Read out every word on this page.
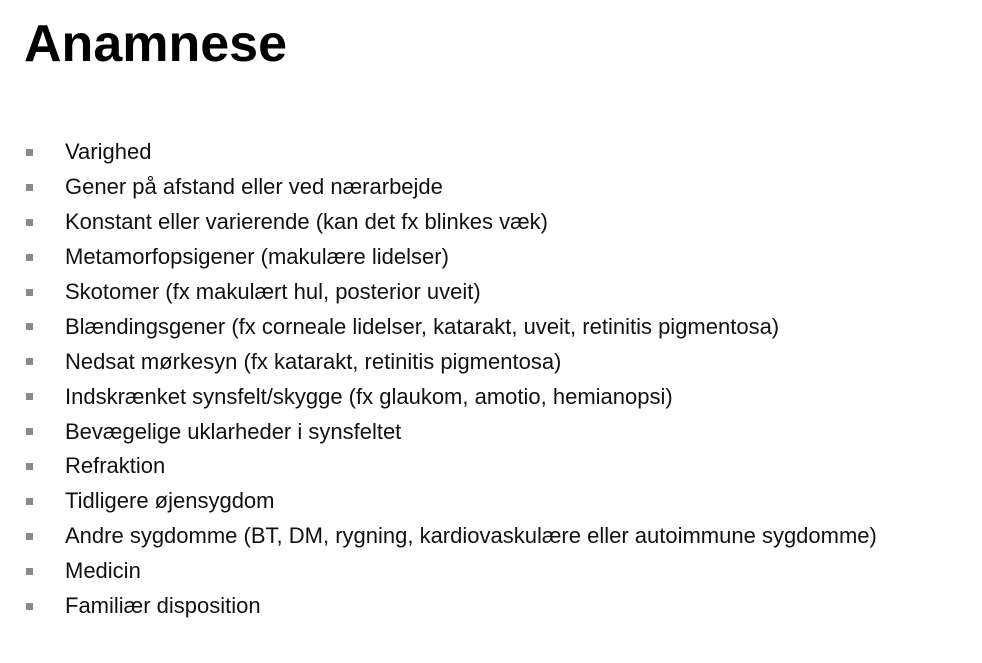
Anamnese
Varighed
Gener på afstand eller ved nærarbejde
Konstant eller varierende (kan det fx blinkes væk)
Metamorfopsigener (makulære lidelser)
Skotomer (fx makulært hul, posterior uveit)
Blændingsgener (fx corneale lidelser, katarakt, uveit, retinitis pigmentosa)
Nedsat mørkesyn (fx katarakt, retinitis pigmentosa)
Indskrænket synsfelt/skygge (fx glaukom, amotio, hemianopsi)
Bevægelige uklarheder i synsfeltet
Refraktion
Tidligere øjensygdom
Andre sygdomme (BT, DM, rygning, kardiovaskulære eller autoimmune sygdomme)
Medicin
Familiær disposition
